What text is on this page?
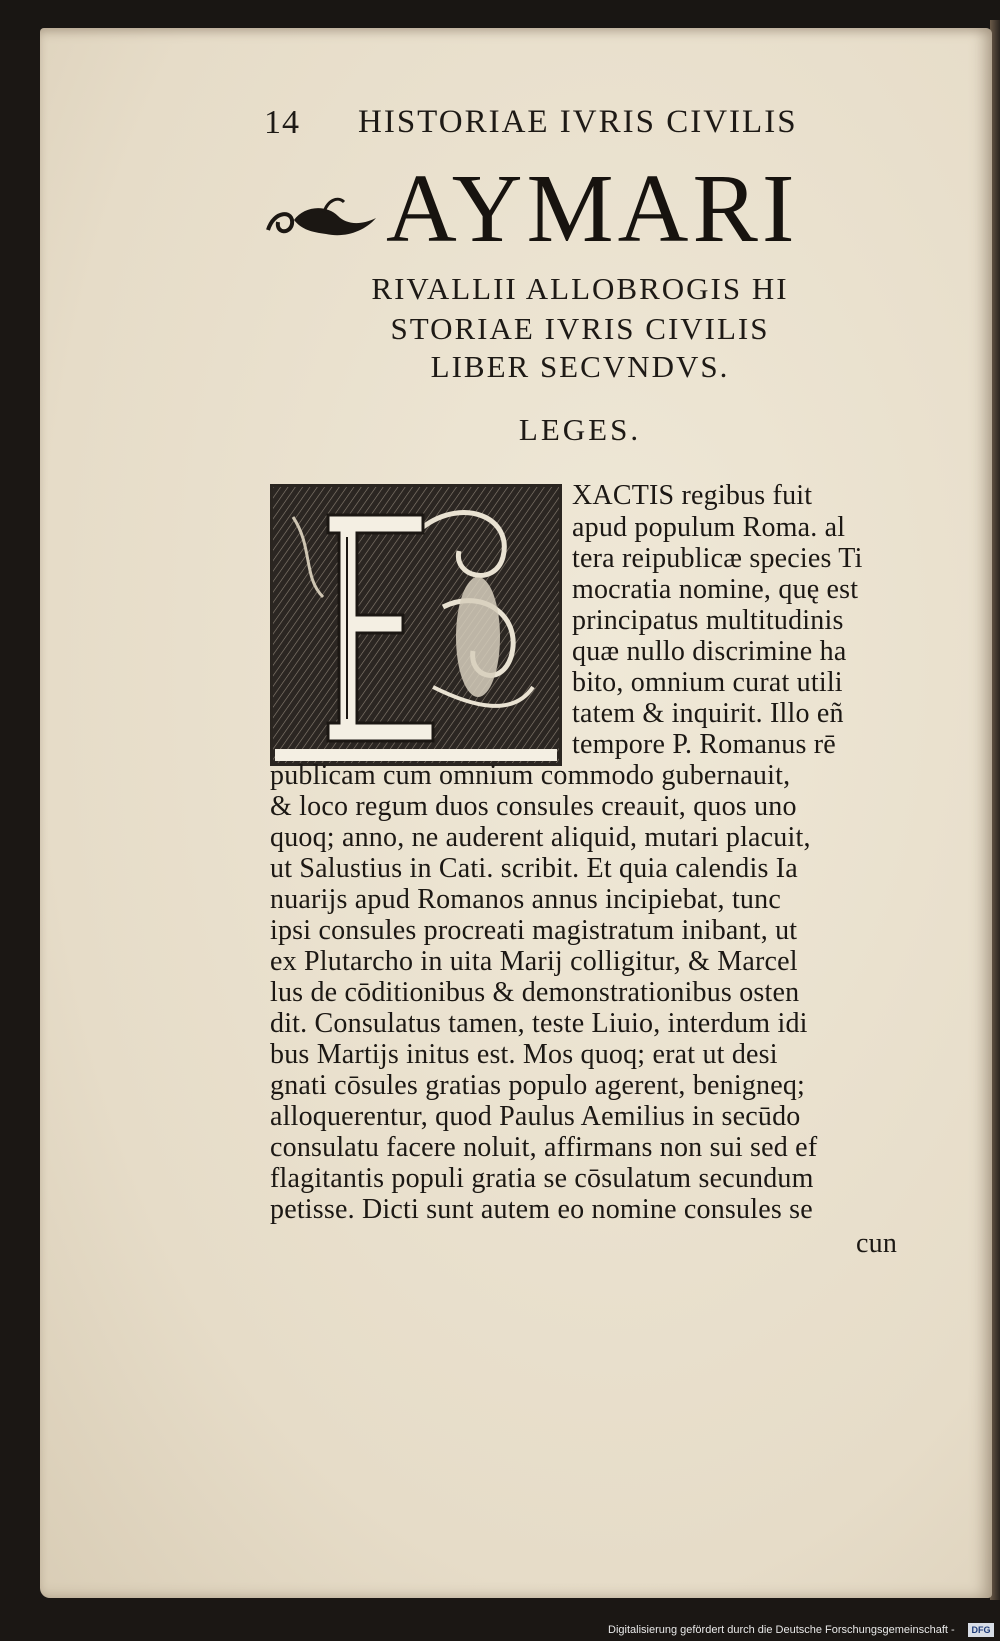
14 HISTORIAE IVRIS CIVILIS
AYMARI
RIVALLII ALLOBROGIS HI
STORIAE IVRIS CIVILIS
LIBER SECVNDVS.
LEGES.
XACTIS regibus fuit
apud populum Roma. al
tera reipublicæ species Ti
mocratia nomine, quę est
principatus multitudinis
quæ nullo discrimine ha
bito, omnium curat utili
tatem & inquirit. Illo eñ
tempore P. Romanus rē
publicam cum omnium commodo gubernauit,
& loco regum duos consules creauit, quos uno
quoq; anno, ne auderent aliquid, mutari placuit,
ut Salustius in Cati. scribit. Et quia calendis Ia
nuarijs apud Romanos annus incipiebat, tunc
ipsi consules procreati magistratum inibant, ut
ex Plutarcho in uita Marij colligitur, & Marcel
lus de cōditionibus & demonstrationibus osten
dit. Consulatus tamen, teste Liuio, interdum idi
bus Martijs initus est. Mos quoq; erat ut desi
gnati cōsules gratias populo agerent, benigneq;
alloquerentur, quod Paulus Aemilius in secūdo
consulatu facere noluit, affirmans non sui sed ef
flagitantis populi gratia se cōsulatum secundum
petisse. Dicti sunt autem eo nomine consules se
cun
Digitalisierung gefördert durch die Deutsche Forschungsgemeinschaft -	DFG
